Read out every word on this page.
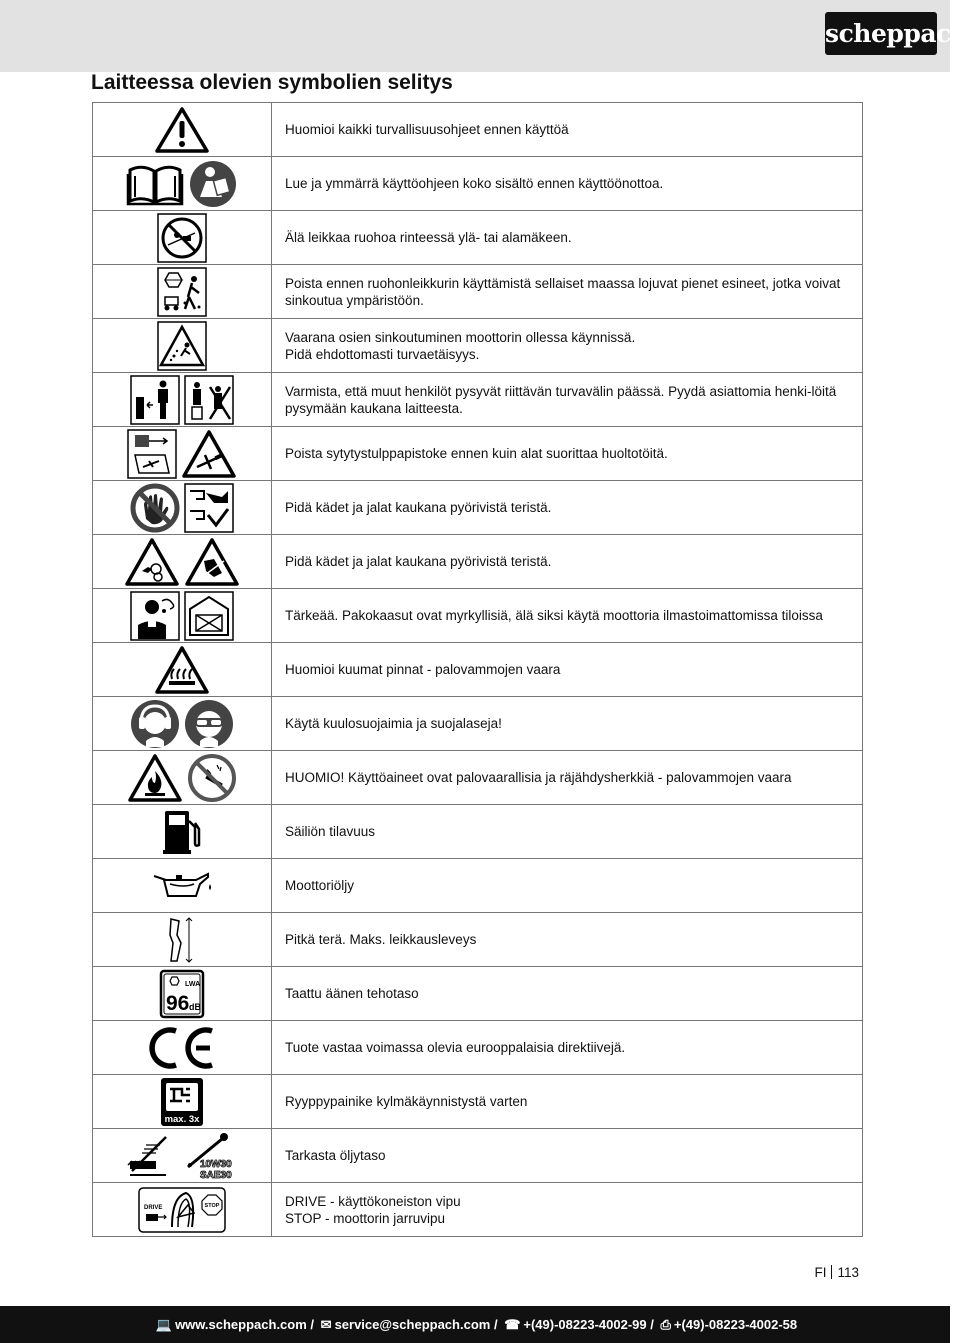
scheppach
Laitteessa olevien symbolien selitys
	Huomioi kaikki turvallisuusohjeet ennen käyttöä

	Lue ja ymmärrä käyttöohjeen koko sisältö ennen käyttöönottoa.

	Älä leikkaa ruohoa rinteessä ylä- tai alamäkeen.

	Poista ennen ruohonleikkurin käyttämistä sellaiset maassa lojuvat pienet esineet, jotka voivat sinkoutua ympäristöön.

	Vaarana osien sinkoutuminen moottorin ollessa käynnissä.
Pidä ehdottomasti turvaetäisyys.

	Varmista, että muut henkilöt pysyvät riittävän turvavälin päässä. Pyydä asiattomia henki-löitä pysymään kaukana laitteesta.

	Poista sytytystulppapistoke ennen kuin alat suorittaa huoltotöitä.

	Pidä kädet ja jalat kaukana pyörivistä teristä.

	Pidä kädet ja jalat kaukana pyörivistä teristä.

	Tärkeää. Pakokaasut ovat myrkyllisiä, älä siksi käytä moottoria ilmastoimattomissa tiloissa

	Huomioi kuumat pinnat - palovammojen vaara

	Käytä kuulosuojaimia ja suojalaseja!

	HUOMIO! Käyttöaineet ovat palovaarallisia ja räjähdysherkkiä - palovammojen vaara

	Säiliön tilavuus

	Moottoriöljy

	Pitkä terä. Maks. leikkausleveys

LWA
96 dB	Taattu äänen tehotaso

	Tuote vastaa voimassa olevia eurooppalaisia direktiivejä.

max. 3x	Ryyppypainike kylmäkäynnistystä varten

10W30
SAE30	Tarkasta öljytaso

DRIVE STOP	DRIVE - käyttökoneiston vipu
STOP - moottorin jarruvipu
FI 113
💻 www.scheppach.com / ✉ service@scheppach.com / ☎ +(49)-08223-4002-99 / ⎙ +(49)-08223-4002-58
